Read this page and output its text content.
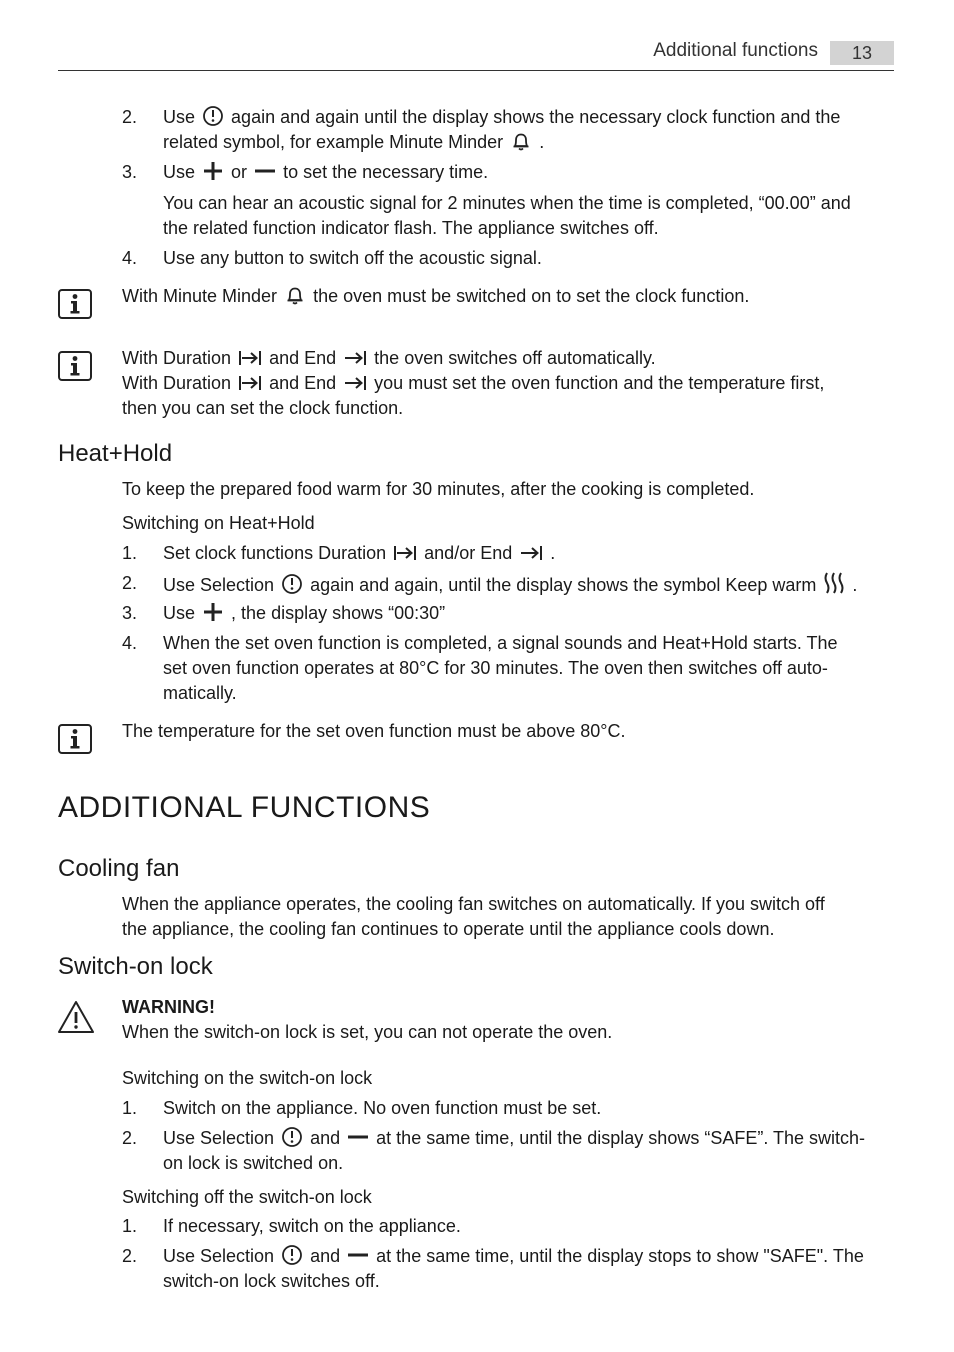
Additional functions	13
2. Use again and again until the display shows the necessary clock function and the
related symbol, for example Minute Minder .
3. Use or to set the necessary time.
You can hear an acoustic signal for 2 minutes when the time is completed, “00.00” and
the related function indicator flash. The appliance switches off.
4. Use any button to switch off the acoustic signal.
With Minute Minder the oven must be switched on to set the clock function.
With Duration and End the oven switches off automatically.
With Duration and End you must set the oven function and the temperature first,
then you can set the clock function.
Heat+Hold
To keep the prepared food warm for 30 minutes, after the cooking is completed.
Switching on Heat+Hold
1. Set clock functions Duration and/or End .
2. Use Selection again and again, until the display shows the symbol Keep warm .
3. Use , the display shows “00:30”
4. When the set oven function is completed, a signal sounds and Heat+Hold starts. The
set oven function operates at 80°C for 30 minutes. The oven then switches off auto-
matically.
The temperature for the set oven function must be above 80°C.
ADDITIONAL FUNCTIONS
Cooling fan
When the appliance operates, the cooling fan switches on automatically. If you switch off
the appliance, the cooling fan continues to operate until the appliance cools down.
Switch-on lock
WARNING!
When the switch-on lock is set, you can not operate the oven.
Switching on the switch-on lock
1. Switch on the appliance. No oven function must be set.
2. Use Selection and at the same time, until the display shows “SAFE”. The switch-
on lock is switched on.
Switching off the switch-on lock
1. If necessary, switch on the appliance.
2. Use Selection and at the same time, until the display stops to show "SAFE". The
switch-on lock switches off.
